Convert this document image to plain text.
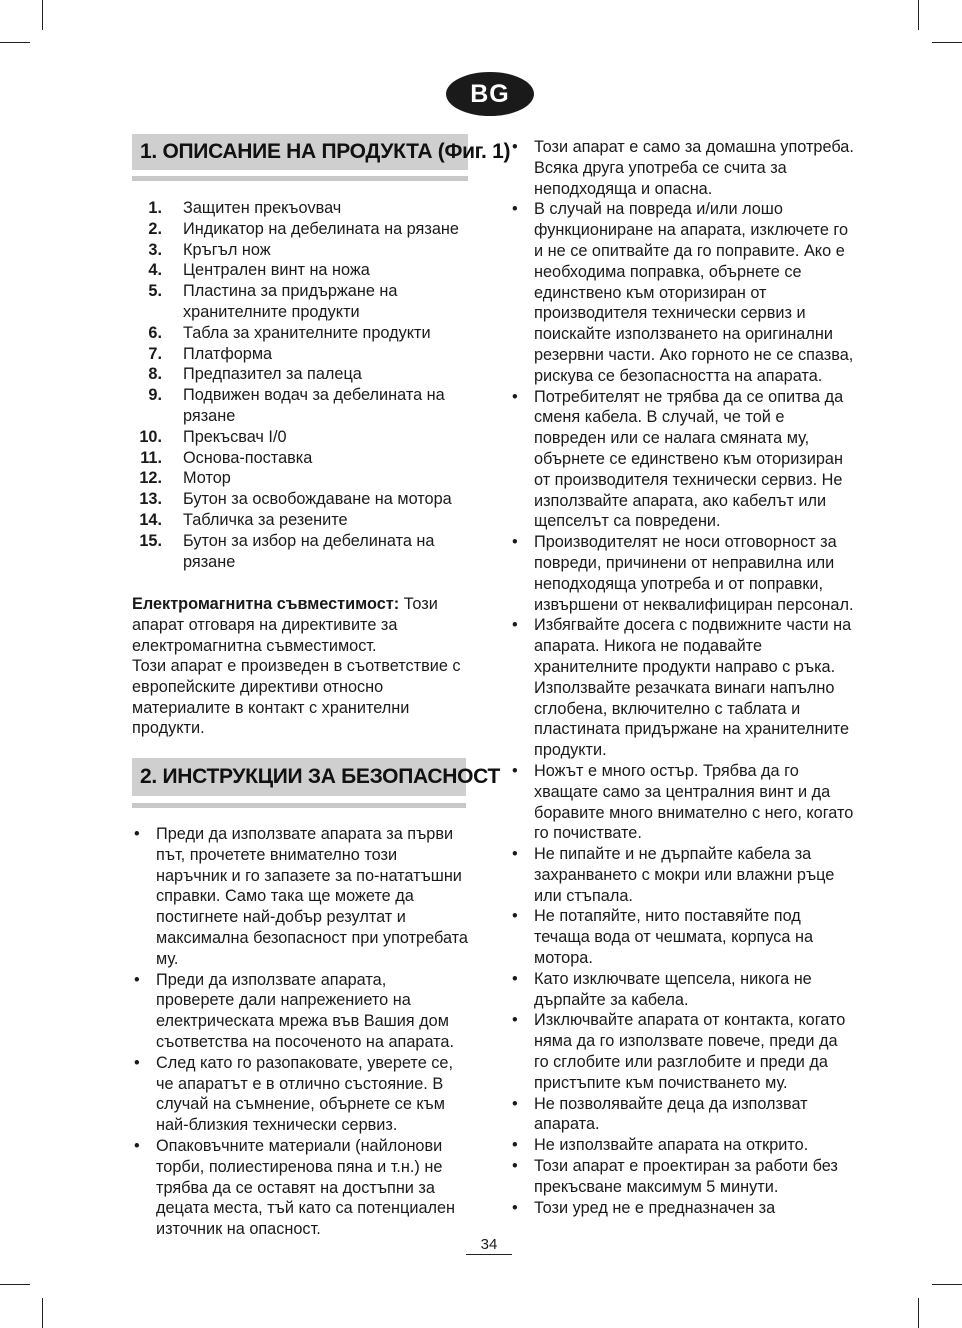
BG
1. ОПИСАНИЕ НА ПРОДУКТА (Фиг. 1)
1. Защитен прекъоvвач
2. Индикатор на дебелината на рязане
3. Кръгъл нож
4. Централен винт на ножа
5. Пластина за придържане на хранителните продукти
6. Табла за хранителните продукти
7. Платформа
8. Предпазител за палеца
9. Подвижен водач за дебелината на рязане
10. Прекъсвач I/0
11. Основа-поставка
12. Мотор
13. Бутон за освобождаване на мотора
14. Табличка за резените
15. Бутон за избор на дебелината на рязане

Електромагнитна съвместимост: Този апарат отговаря на директивите за електромагнитна съвместимост.

Този апарат е произведен в съответствие с европейските директиви относно материалите в контакт с хранителни продукти.

2. ИНСТРУКЦИИ ЗА БЕЗОПАСНОСТ
• Преди да използвате апарата за първи път, прочетете внимателно този наръчник и го запазете за по-нататъшни справки. Само така ще можете да постигнете най-добър резултат и максимална безопасност при употребата му.
• Преди да използвате апарата, проверете дали напрежението на електрическата мрежа във Вашия дом съответства на посоченото на апарата.
• След като го разопаковате, уверете се, че апаратът е в отлично състояние. В случай на съмнение, обърнете се към най-близкия технически сервиз.
• Опаковъчните материали (найлонови торби, полиестиренова пяна и т.н.) не трябва да се оставят на достъпни за децата места, тъй като са потенциален източник на опасност.
• Този апарат е само за домашна употреба. Всяка друга употреба се счита за неподходяща и опасна.
• В случай на повреда и/или лошо функциониране на апарата, изключете го и не се опитвайте да го поправите. Ако е необходима поправка, обърнете се единствено към оторизиран от производителя технически сервиз и поискайте използването на оригинални резервни части. Ако горното не се спазва, рискува се безопасността на апарата.
• Потребителят не трябва да се опитва да сменя кабела. В случай, че той е повреден или се налага смяната му, обърнете се единствено към оторизиран от производителя технически сервиз. Не използвайте апарата, ако кабелът или щепселът са повредени.
• Производителят не носи отговорност за повреди, причинени от неправилна или неподходяща употреба и от поправки, извършени от неквалифициран персонал.
• Избягвайте досега с подвижните части на апарата. Никога не подавайте хранителните продукти направо с ръка. Използвайте резачката винаги напълно сглобена, включително с таблата и пластината придържане на хранителните продукти.
• Ножът е много остър. Трябва да го хващате само за централния винт и да боравите много внимателно с него, когато го почиствате.
• Не пипайте и не дърпайте кабела за захранването с мокри или влажни ръце или стъпала.
• Не потапяйте, нито поставяйте под течаща вода от чешмата, корпуса на мотора.
• Като изключвате щепсела, никога не дърпайте за кабела.
• Изключвайте апарата от контакта, когато няма да го използвате повече, преди да го сглобите или разглобите и преди да пристъпите към почистването му.
• Не позволявайте деца да използват апарата.
• Не използвайте апарата на открито.
• Този апарат е проектиран за работи без прекъсване максимум 5 минути.
• Този уред не е предназначен за
34
